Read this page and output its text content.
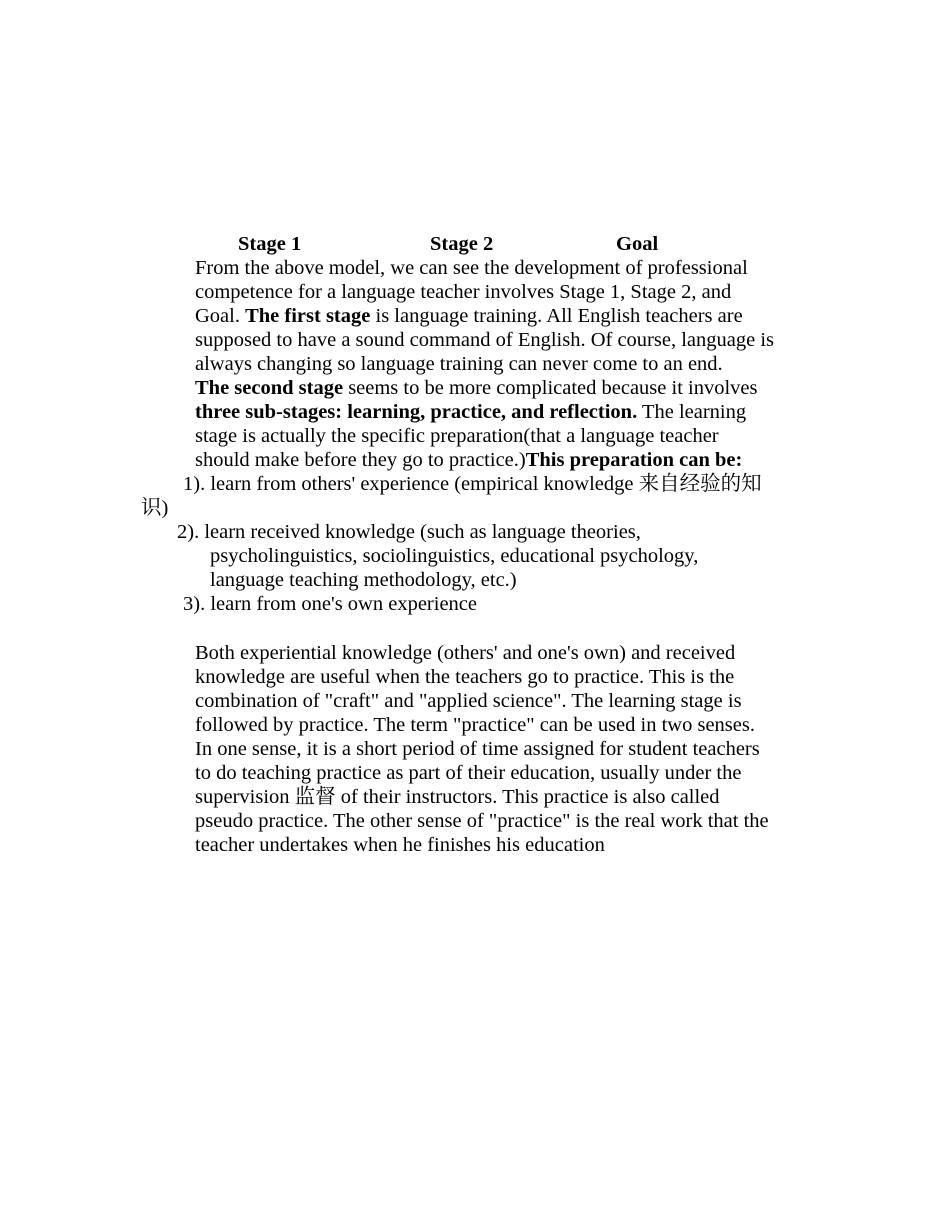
Stage 1	Stage 2	Goal
From the above model, we can see the development of professional
competence for a language teacher involves Stage 1, Stage 2, and
Goal. The first stage is language training. All English teachers are
supposed to have a sound command of English. Of course, language is
always changing so language training can never come to an end.
The second stage seems to be more complicated because it involves
three sub-stages: learning, practice, and reflection. The learning
stage is actually the specific preparation(that a language teacher
should make before they go to practice.)This preparation can be:
1). learn from others' experience (empirical knowledge 来自经验的知
识)
2). learn received knowledge (such as language theories,
psycholinguistics, sociolinguistics, educational psychology,
language teaching methodology, etc.)
3). learn from one's own experience
Both experiential knowledge (others' and one's own) and received
knowledge are useful when the teachers go to practice. This is the
combination of "craft" and "applied science". The learning stage is
followed by practice. The term "practice" can be used in two senses.
In one sense, it is a short period of time assigned for student teachers
to do teaching practice as part of their education, usually under the
supervision 监督 of their instructors. This practice is also called
pseudo practice. The other sense of "practice" is the real work that the
teacher undertakes when he finishes his education
